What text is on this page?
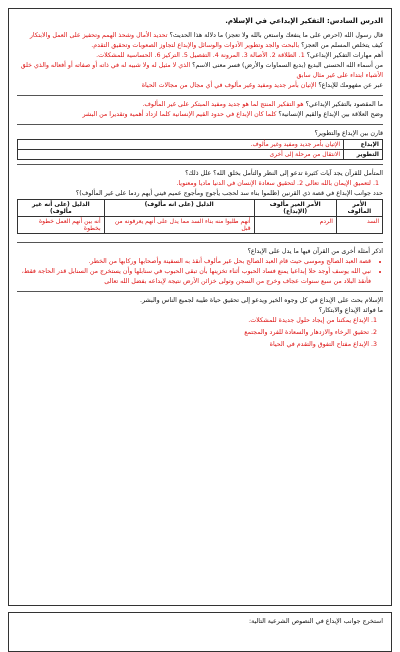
الدرس السادس: التفكير الإبداعي في الإسلام.

قال رسول الله (احرص على ما ينفعك واستعن بالله ولا تعجز) ما دلالة هذا الحديث؟ تحديد الأمال وشحذ الهمم وتحفيز على العمل والابتكار

كيف يتخلص المسلم من العجز؟ بالبحث والجد وتطوير الأدوات والوسائل والإبداع لتجاوز الصعوبات وتحقيق التقدم.

أهم مهارات التفكير الإبداعي؟ 1. الطلاقة 2. الأصالة 3. المرونة 4. التفصيل 5. التركيز 6. الحساسية للمشكلات.

من أسماء الله الحسنى البديع (بديع السماوات والأرض) فسر معنى الاسم؟ الذي لا مثيل له ولا شبيه له في ذاته أو صفاته أو أفعاله والذي خلق الأشياء ابتداء على غير مثال سابق

عبر عن مفهومك للإبداع؟ الإتيان بأمر جديد ومفيد وغير مألوف في أي مجال من مجالات الحياة

ما المقصود بالتفكير الإبداعي؟ هو التفكير المنتج لما هو جديد ومفيد المبتكر على غير المألوف.

وضح العلاقة بين الإبداع والقيم الإنسانية؟ كلما كان الإبداع في حدود القيم الإنسانية كلما ازداد أهمية وتقديرا من البشر

قارن بين الإبداع والتطوير؟

الإبداع	الإتيان بأمر جديد ومفيد وغير مألوف.
التطوير	الانتقال من مرحلة إلى أخرى

المتأمل للقرآن يجد آيات كثيرة تدعو إلى النظر والتأمل بخلق الله؟ علل ذلك؟

1. لتعميق الإيمان بالله تعالى 2. لتحقيق سعادة الإنسان في الدنيا ماديا ومعنويا.

حدد جوانب الإبداع في قصة ذي القرنين (ظلموا بناء سد لحجب يأجوج ومأجوج عميم فيني أيهم ردما على غير المألوف)؟

الأمر المألوف	الأمر الغير مألوف (الإبداع)	الدليل (على انه مألوف)	الدليل (على أنه غير مألوف)
السد	الردم	أنهم طلبوا منه بناء السد مما يدل على أنهم يعرفونه من قبل	أنه بين أنهم العمل خطوة بخطوة

اذكر أمثلة أخرى من القرآن فيها ما يدل على الإبداع؟

• قصة العبد الصالح وموسى حيث قام العبد الصالح بحل غير مألوف أنقذ به السفينة وأصحابها وركابها من الخطر.
• نبي الله يوسف أوجد حلا إبداعيا يمنع فساد الحبوب أثناء تخزينها بأن تبقى الحبوب في سنابلها وأن يستخرج من السنابل قدر الحاجة فقط، فأنقذ البلاد من سبع سنوات عجاف وخرج من السجن وتولى خزائن الأرض نتيجة لإبداعه بفضل الله تعالى

الإسلام بحث على الإبداع في كل وجوه الخير ويدعو إلى تحقيق حياة طيبة لجميع الناس والبشر.

ما فوائد الإبداع والابتكار؟

1. الإبداع يمكننا من إيجاد حلول جديدة للمشكلات.
2. تحقيق الرخاء والازدهار والسعادة للفرد والمجتمع
3. الإبداع مفتاح التفوق والتقدم في الحياة

استخرج جوانب الإبداع في النصوص الشرعية التالية:
